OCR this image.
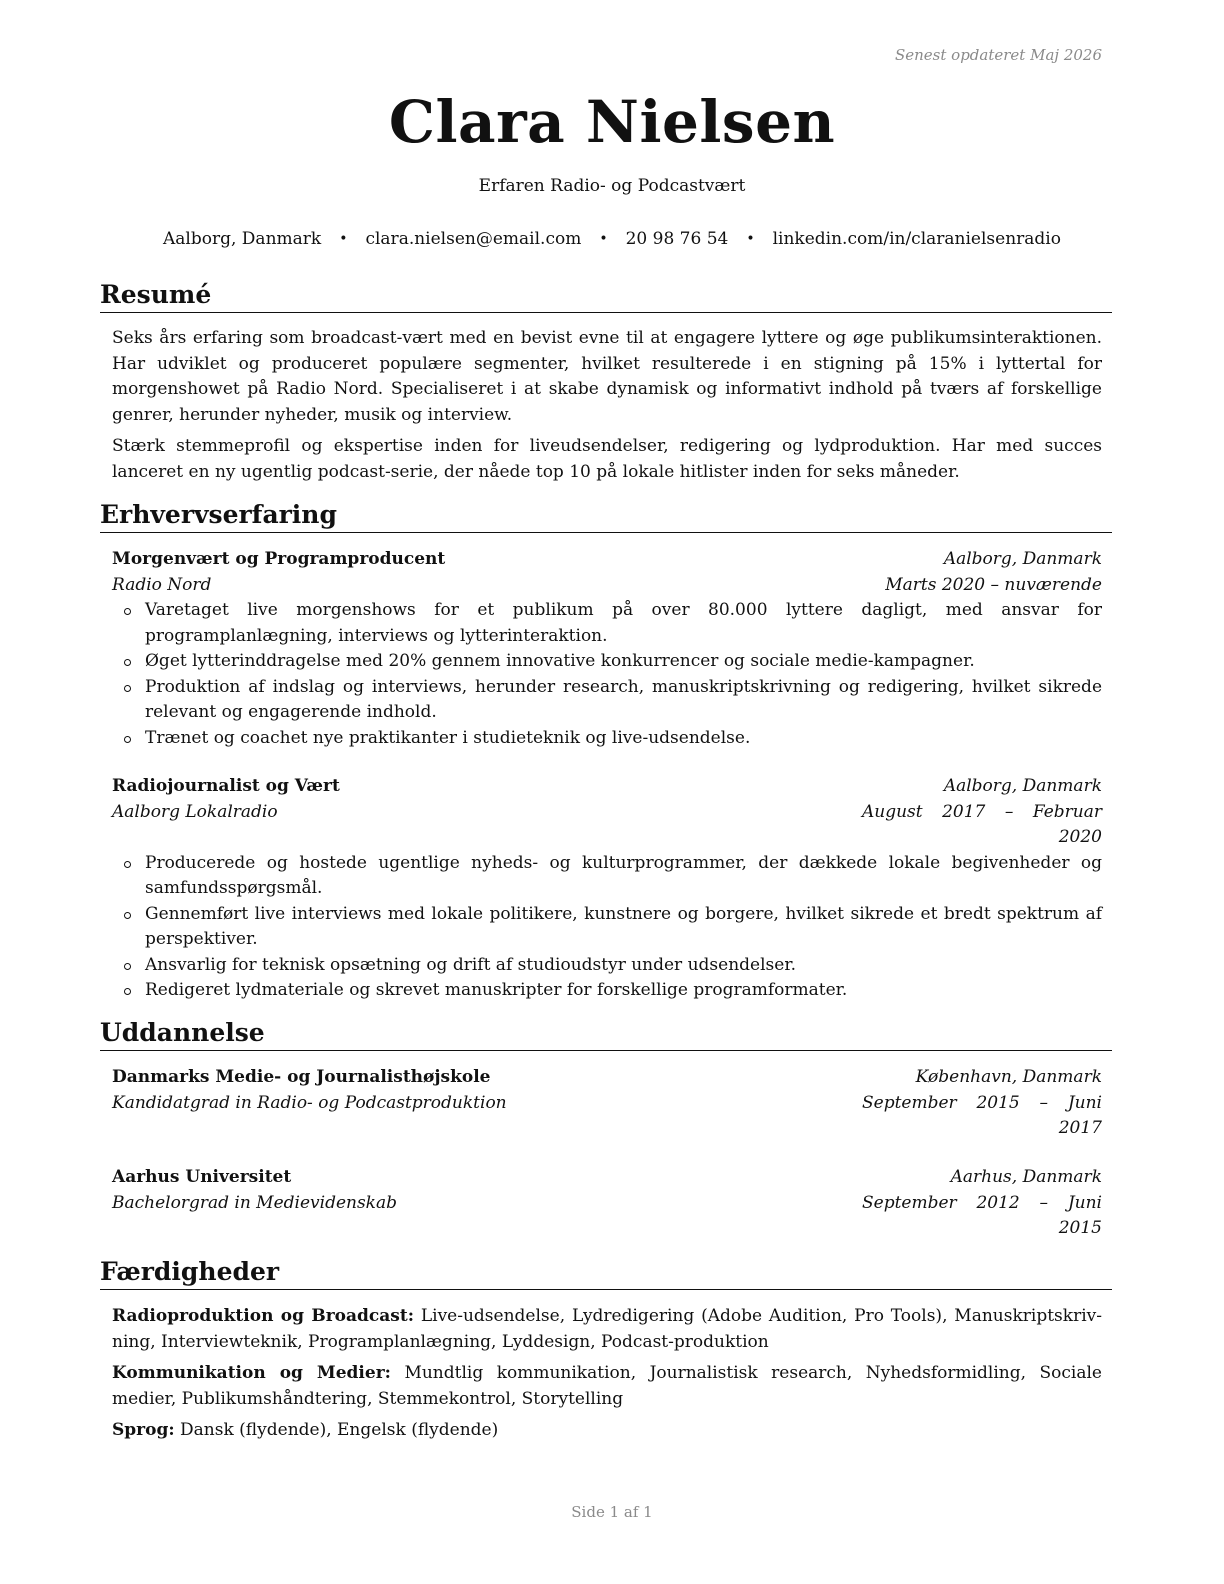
Senest opdateret Maj 2026
Clara Nielsen
Erfaren Radio- og Podcastvært
Aalborg, Danmark • clara.nielsen@email.com • 20 98 76 54 • linkedin.com/in/claranielsenradio
Resumé

Seks års erfaring som broadcast-vært med en bevist evne til at engagere lyttere og øge publikumsinteraktionen. Har udviklet og produceret populære segmenter, hvilket resulterede i en stigning på 15% i lyttertal for morgenshowet på Radio Nord. Specialiseret i at skabe dynamisk og informativt indhold på tværs af forskellige genrer, herunder nyheder, musik og interview.

Stærk stemmeprofil og ekspertise inden for liveudsendelser, redigering og lydproduktion. Har med succes lanceret en ny ugentlig podcast-serie, der nåede top 10 på lokale hitlister inden for seks måneder.

Erhvervserfaring
Morgenvært og Programproducent	Aalborg, Danmark
Radio Nord	Marts 2020 – nuværende
Varetaget live morgenshows for et publikum på over 80.000 lyttere dagligt, med ansvar for programplanlægning, interviews og lytterinteraktion.
Øget lytterinddragelse med 20% gennem innovative konkurrencer og sociale medie-kampagner.
Produktion af indslag og interviews, herunder research, manuskriptskrivning og redigering, hvilket sikrede relevant og engagerende indhold.
Trænet og coachet nye praktikanter i studieteknik og live-udsendelse.
Radiojournalist og Vært	Aalborg, Danmark
Aalborg Lokalradio	August 2017 – Februar 2020
Producerede og hostede ugentlige nyheds- og kulturprogrammer, der dækkede lokale begivenheder og samfundsspørgsmål.
Gennemført live interviews med lokale politikere, kunstnere og borgere, hvilket sikrede et bredt spektrum af perspektiver.
Ansvarlig for teknisk opsætning og drift af studioudstyr under udsendelser.
Redigeret lydmateriale og skrevet manuskripter for forskellige programformater.
Uddannelse
Danmarks Medie- og Journalisthøjskole	København, Danmark
Kandidatgrad in Radio- og Podcastproduktion	September 2015 – Juni 2017
Aarhus Universitet	Aarhus, Danmark
Bachelorgrad in Medievidenskab	September 2012 – Juni 2015
Færdigheder
Radioproduktion og Broadcast: Live-udsendelse, Lydredigering (Adobe Audition, Pro Tools), Manuskriptskrivning, Interviewteknik, Programplanlægning, Lyddesign, Podcast-produktion
Kommunikation og Medier: Mundtlig kommunikation, Journalistisk research, Nyhedsformidling, Sociale medier, Publikumshåndtering, Stemmekontrol, Storytelling
Sprog: Dansk (flydende), Engelsk (flydende)
Side 1 af 1
